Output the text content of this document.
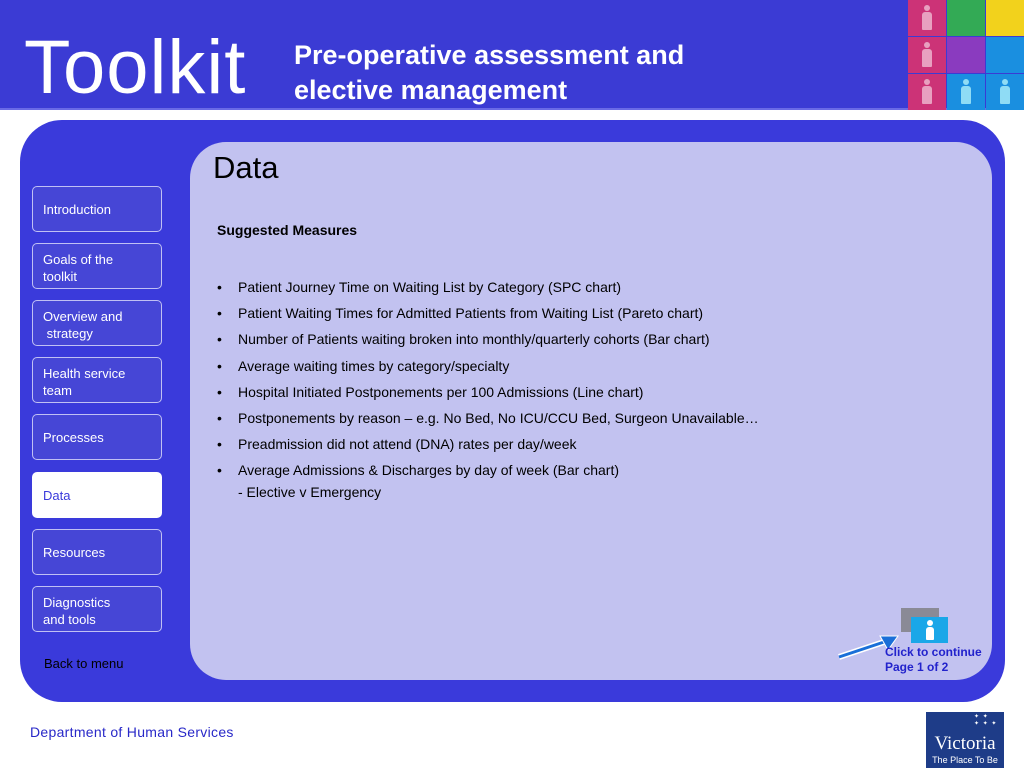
Toolkit Pre-operative assessment and
elective management
Data
Suggested Measures
• Patient Journey Time on Waiting List by Category (SPC chart)
• Patient Waiting Times for Admitted Patients from Waiting List (Pareto chart)
• Number of Patients waiting broken into monthly/quarterly cohorts (Bar chart)
• Average waiting times by category/specialty
• Hospital Initiated Postponements per 100 Admissions (Line chart)
• Postponements by reason – e.g. No Bed, No ICU/CCU Bed, Surgeon Unavailable…
• Preadmission did not attend (DNA) rates per day/week
• Average Admissions & Discharges by day of week (Bar chart)
- Elective v Emergency
Introduction
Goals of the
toolkit
Overview and
strategy
Health service
team
Processes
Data
Resources
Diagnostics
and tools
Back to menu
Click to continue
Page 1 of 2
Department of Human Services
✦ ✦
✦ ✦ ✦
Victoria
The Place To Be
